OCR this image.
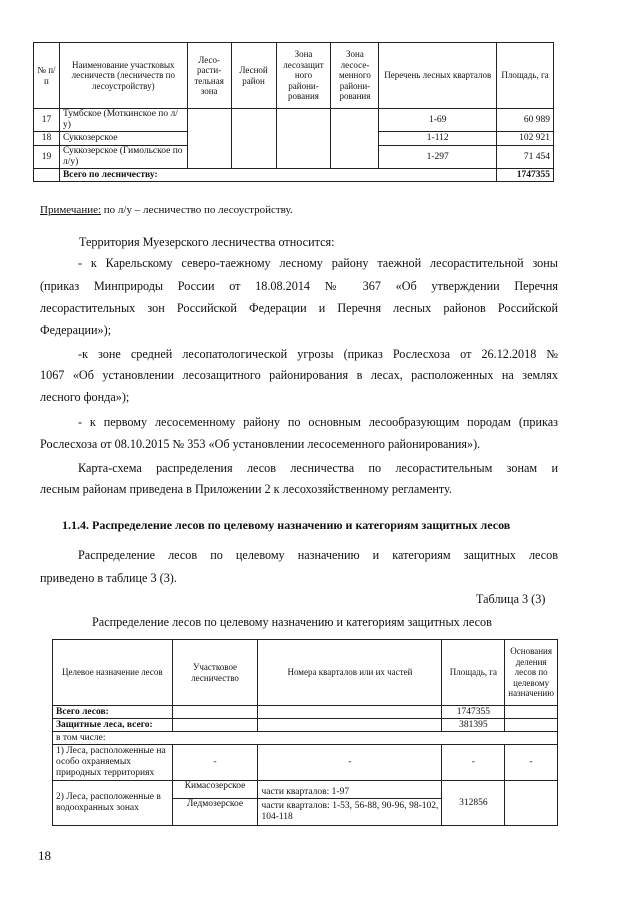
№ п/п	Наименование участковых лесничеств (лесничеств по лесоустройству)	Лесо-расти-тельная зона	Лесной район	Зона лесозащит ного райони-рования	Зона лесосе-менного райони-рования	Перечень лесных кварталов	Площадь, га
17	Тумбское (Моткинское по л/у)					1-69	60 989
18	Суккозерское					1-112	102 921
19	Суккозерское (Гимольское по л/у)					1-297	71 454
	Всего по лесничеству:						1747355
Примечание: по л/у – лесничество по лесоустройству.
Территория Муезерского лесничества относится:
- к Карельскому северо-таежному лесному району таежной лесорастительной зоны
(приказ Минприроды России от 18.08.2014 № 367 «Об утверждении Перечня
лесорастительных зон Российской Федерации и Перечня лесных районов Российской
Федерации»);
-к зоне средней лесопатологической угрозы (приказ Рослесхоза от 26.12.2018 №
1067 «Об установлении лесозащитного районирования в лесах, расположенных на землях
лесного фонда»);
- к первому лесосеменному району по основным лесообразующим породам (приказ
Рослесхоза от 08.10.2015 № 353 «Об установлении лесосеменного районирования»).
Карта-схема распределения лесов лесничества по лесорастительным зонам и
лесным районам приведена в Приложении 2 к лесохозяйственному регламенту.
1.1.4. Распределение лесов по целевому назначению и категориям защитных лесов
Распределение лесов по целевому назначению и категориям защитных лесов
приведено в таблице 3 (3).
Таблица 3 (3)
Распределение лесов по целевому назначению и категориям защитных лесов
Целевое назначение лесов	Участковое лесничество	Номера кварталов или их частей	Площадь, га	Основания деления лесов по целевому назначению
Всего лесов:			1747355	
Защитные леса, всего:			381395	
в том числе:				
1) Леса, расположенные на особо охраняемых природных территориях	-	-	-	-
2) Леса, расположенные в водоохранных зонах	Кимасозерское	части кварталов: 1-97	312856	
	Ледмозерское	части кварталов: 1-53, 56-88, 90-96, 98-102, 104-118		
18
